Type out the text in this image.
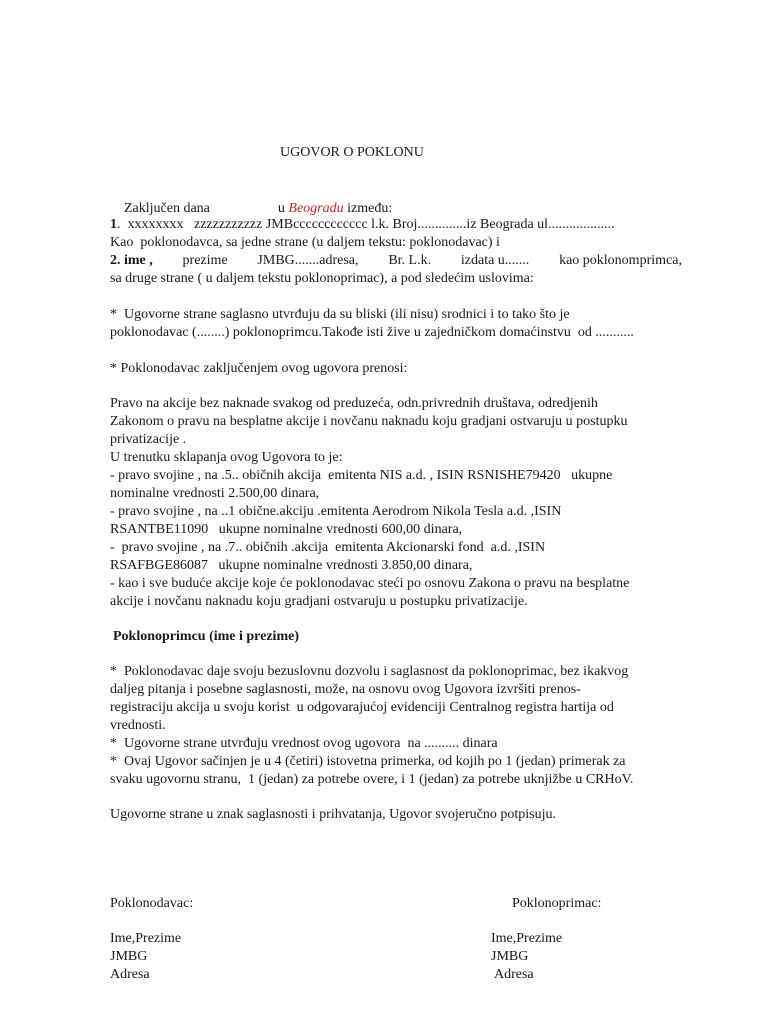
UGOVOR O POKLONU

Zaključen dana	u Beogradu između:

1.  xxxxxxxx   zzzzzzzzzzz JMBcccccccccccc l.k. Broj..............iz Beograda ul...................
Kao  poklonodavca, sa jedne strane (u daljem tekstu: poklonodavac) i
2. ime , prezime JMBG.......adresa, Br. L.k. izdata u....... kao poklonomprimca,
sa druge strane ( u daljem tekstu poklonoprimac), a pod sledećim uslovima:
*  Ugovorne strane saglasno utvrđuju da su bliski (ili nisu) srodnici i to tako što je
poklonodavac (........) poklonoprimcu.Takođe isti žive u zajedničkom domaćinstvu  od ...........
* Poklonodavac zaključenjem ovog ugovora prenosi:
Pravo na akcije bez naknade svakog od preduzeća, odn.privrednih društava, odredjenih
Zakonom o pravu na besplatne akcije i novčanu naknadu koju gradjani ostvaruju u postupku
privatizacije .
U trenutku sklapanja ovog Ugovora to je:
- pravo svojine , na .5.. običnih akcija  emitenta NIS a.d. , ISIN RSNISHE79420   ukupne
nominalne vrednosti 2.500,00 dinara,
- pravo svojine , na ..1 obične.akciju .emitenta Aerodrom Nikola Tesla a.d. ,ISIN
RSANTBE11090   ukupne nominalne vrednosti 600,00 dinara,
-  pravo svojine , na .7.. običnih .akcija  emitenta Akcionarski fond  a.d. ,ISIN
RSAFBGE86087   ukupne nominalne vrednosti 3.850,00 dinara,
- kao i sve buduće akcije koje će poklonodavac steći po osnovu Zakona o pravu na besplatne
akcije i novčanu naknadu koju gradjani ostvaruju u postupku privatizacije.
Poklonoprimcu (ime i prezime)
*  Poklonodavac daje svoju bezuslovnu dozvolu i saglasnost da poklonoprimac, bez ikakvog
daljeg pitanja i posebne saglasnosti, može, na osnovu ovog Ugovora izvršiti prenos-
registraciju akcija u svoju korist  u odgovarajućoj evidenciji Centralnog registra hartija od
vrednosti.
*  Ugovorne strane utvrđuju vrednost ovog ugovora  na .......... dinara
*  Ovaj Ugovor sačinjen je u 4 (četiri) istovetna primerka, od kojih po 1 (jedan) primerak za
svaku ugovornu stranu,  1 (jedan) za potrebe overe, i 1 (jedan) za potrebe uknjižbe u CRHoV.
Ugovorne strane u znak saglasnosti i prihvatanja, Ugovor svojeručno potpisuju.
Poklonodavac:	Poklonoprimac:
Ime,Prezime
JMBG
Adresa
Ime,Prezime
JMBG
Adresa
